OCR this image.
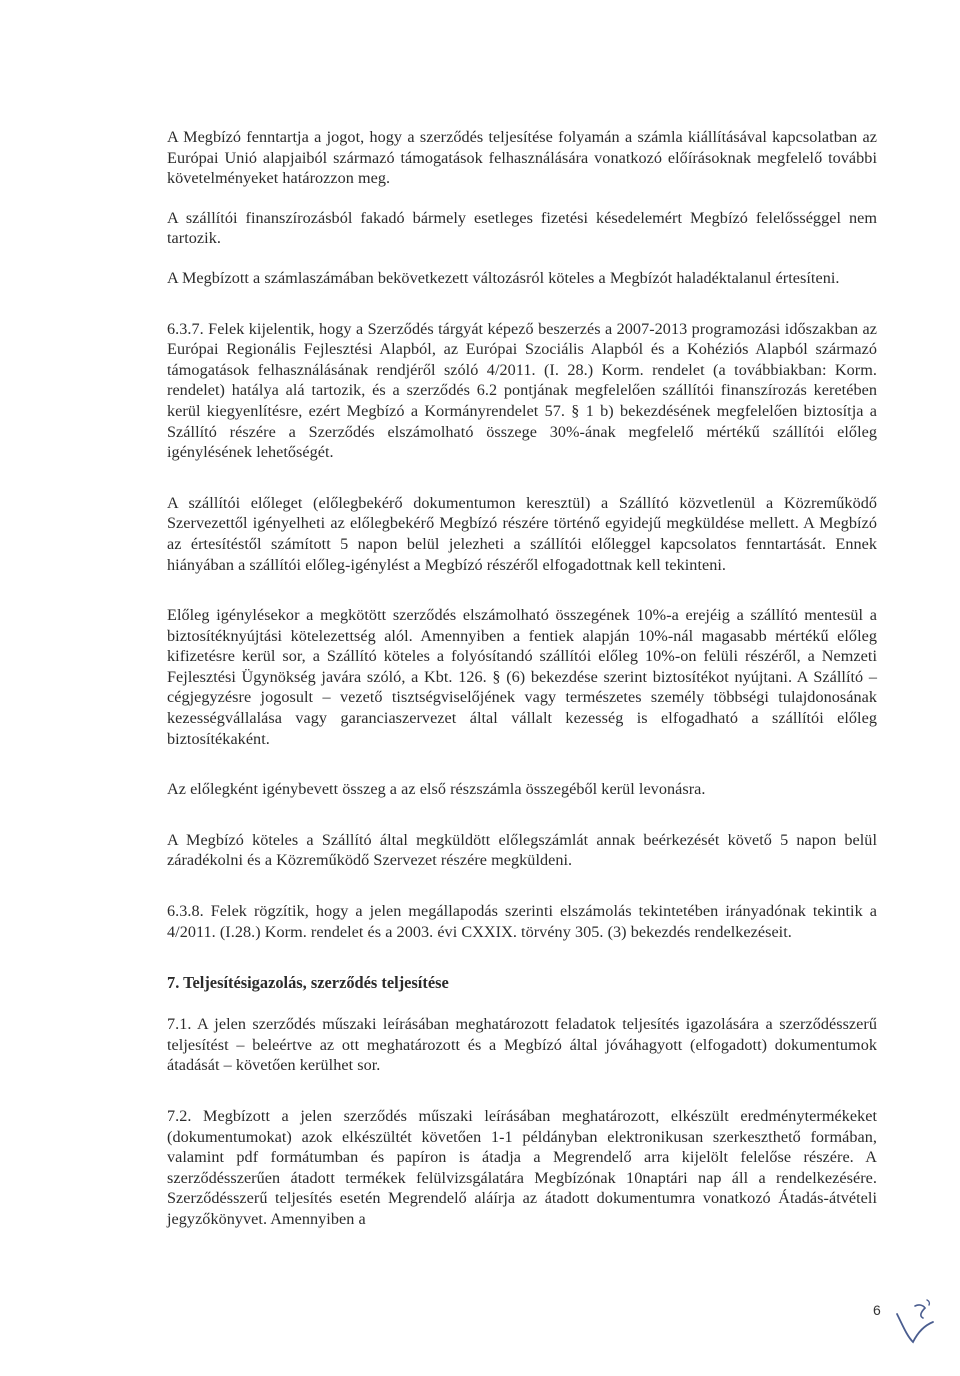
A Megbízó fenntartja a jogot, hogy a szerződés teljesítése folyamán a számla kiállításával kapcsolatban az Európai Unió alapjaiból származó támogatások felhasználására vonatkozó előírásoknak megfelelő további követelményeket határozzon meg.

A szállítói finanszírozásból fakadó bármely esetleges fizetési késedelemért Megbízó felelősséggel nem tartozik.

A Megbízott a számlaszámában bekövetkezett változásról köteles a Megbízót haladéktalanul értesíteni.

6.3.7. Felek kijelentik, hogy a Szerződés tárgyát képező beszerzés a 2007-2013 programozási időszakban az Európai Regionális Fejlesztési Alapból, az Európai Szociális Alapból és a Kohéziós Alapból származó támogatások felhasználásának rendjéről szóló 4/2011. (I. 28.) Korm. rendelet (a továbbiakban: Korm. rendelet) hatálya alá tartozik, és a szerződés 6.2 pontjának megfelelően szállítói finanszírozás keretében kerül kiegyenlítésre, ezért Megbízó a Kormányrendelet 57. § 1 b) bekezdésének megfelelően biztosítja a Szállító részére a Szerződés elszámolható összege 30%-ának megfelelő mértékű szállítói előleg igénylésének lehetőségét.

A szállítói előleget (előlegbekérő dokumentumon keresztül) a Szállító közvetlenül a Közreműködő Szervezettől igényelheti az előlegbekérő Megbízó részére történő egyidejű megküldése mellett. A Megbízó az értesítéstől számított 5 napon belül jelezheti a szállítói előleggel kapcsolatos fenntartását. Ennek hiányában a szállítói előleg-igénylést a Megbízó részéről elfogadottnak kell tekinteni.

Előleg igénylésekor a megkötött szerződés elszámolható összegének 10%-a erejéig a szállító mentesül a biztosítéknyújtási kötelezettség alól. Amennyiben a fentiek alapján 10%-nál magasabb mértékű előleg kifizetésre kerül sor, a Szállító köteles a folyósítandó szállítói előleg 10%-on felüli részéről, a Nemzeti Fejlesztési Ügynökség javára szóló, a Kbt. 126. § (6) bekezdése szerint biztosítékot nyújtani. A Szállító – cégjegyzésre jogosult – vezető tisztségviselőjének vagy természetes személy többségi tulajdonosának kezességvállalása vagy garanciaszervezet által vállalt kezesség is elfogadható a szállítói előleg biztosítékaként.

Az előlegként igénybevett összeg a az első részszámla összegéből kerül levonásra.

A Megbízó köteles a Szállító által megküldött előlegszámlát annak beérkezését követő 5 napon belül záradékolni és a Közreműködő Szervezet részére megküldeni.

6.3.8. Felek rögzítik, hogy a jelen megállapodás szerinti elszámolás tekintetében irányadónak tekintik a 4/2011. (I.28.) Korm. rendelet és a 2003. évi CXXIX. törvény 305. (3) bekezdés rendelkezéseit.

7. Teljesítésigazolás, szerződés teljesítése

7.1. A jelen szerződés műszaki leírásában meghatározott feladatok teljesítés igazolására a szerződésszerű teljesítést – beleértve az ott meghatározott és a Megbízó által jóváhagyott (elfogadott) dokumentumok átadását – követően kerülhet sor.

7.2. Megbízott a jelen szerződés műszaki leírásában meghatározott, elkészült eredménytermékeket (dokumentumokat) azok elkészültét követően 1-1 példányban elektronikusan szerkeszthető formában, valamint pdf formátumban és papíron is átadja a Megrendelő arra kijelölt felelőse részére. A szerződésszerűen átadott termékek felülvizsgálatára Megbízónak 10naptári nap áll a rendelkezésére. Szerződésszerű teljesítés esetén Megrendelő aláírja az átadott dokumentumra vonatkozó Átadás-átvételi jegyzőkönyvet. Amennyiben a

6
